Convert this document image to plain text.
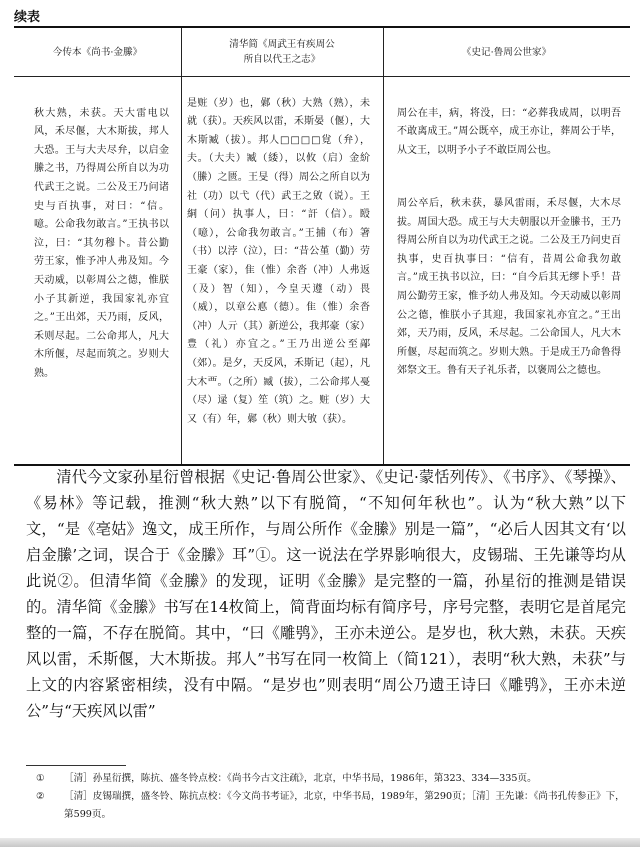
续表
今传本《尚书·金縢》
清华简《周武王有疾周公
所自以代王之志》
《史记·鲁周公世家》

秋大熟，未获。天大雷电以风，禾尽偃，大木斯拔，邦人大恐。王与大夫尽弁，以启金縢之书，乃得周公所自以为功代武王之说。二公及王乃问诸史与百执事，对曰：“信。噫。公命我勿敢言。”王执书以泣，曰：“其勿穆卜。昔公勤劳王家，惟予冲人弗及知。今天动威，以彰周公之德，惟朕小子其新逆，我国家礼亦宜之。”王出郊，天乃雨，反风，禾则尽起。二公命邦人，凡大木所偃，尽起而筑之。岁则大熟。

是赃（岁）也，鄵（秋）大熟（熟），未就（获）。天疾风以雷，禾斯晏（偃），大木斯臧（拔）。邦人□□□□覍（弁），夫。（大夫）臧（緌），以攸（启）金紒（縢）之匮。王旻（得）周公之所自以为社（功）以弋（代）武王之敓（说）。王絧（问）执事人，曰：“訐（信）。殹（噫），公命我勿敢言。”王捕（布）箸（书）以浡（泣），曰：“昔公堇（勤）劳王豪（家），隹（惟）余沓（冲）人弗返（及）智（知），今皇天遵（动）畏（威），以章公悳（德）。隹（惟）余沓（冲）人亓（其）新逆公，我邦豪（家）豊（礼）亦宜之。”王乃出逆公至鄗（郊）。是夕，天反风，禾斯记（起），凡大木覀。（之所）臧（拔），二公命邦人戞（尽）逯（复）笙（筑）之。赃（岁）大又（有）年，鄵（秋）则大敂（获）。

周公在丰，病，将没，曰：“必葬我成周，以明吾不敢离成王。”周公既卒，成王亦让，葬周公于毕，从文王，以明予小子不敢臣周公也。

周公卒后，秋未获，暴风雷雨，禾尽偃，大木尽拔。周国大恐。成王与大夫朝服以开金縢书，王乃得周公所自以为功代武王之说。二公及王乃问史百执事，史百执事曰：“信有，昔周公命我勿敢言。”成王执书以泣，曰：“自今后其无缪卜乎！昔周公勤劳王家，惟予幼人弗及知。今天动威以彰周公之德，惟朕小子其迎，我国家礼亦宜之。”王出郊，天乃雨，反风，禾尽起。二公命国人，凡大木所偃，尽起而筑之。岁则大熟。于是成王乃命鲁得郊祭文王。鲁有天子礼乐者，以褒周公之德也。

清代今文家孙星衍曾根据《史记·鲁周公世家》、《史记·蒙恬列传》、《书序》、《琴操》、《易林》等记载，推测“秋大熟”以下有脱简，“不知何年秋也”。认为“秋大熟”以下文，“是《亳姑》逸文，成王所作，与周公所作《金縢》别是一篇”，“必后人因其文有‘以启金縢’之词，误合于《金縢》耳”①。这一说法在学界影响很大，皮锡瑞、王先谦等均从此说②。但清华简《金縢》的发现，证明《金縢》是完整的一篇，孙星衍的推测是错误的。清华简《金縢》书写在14枚简上，简背面均标有简序号，序号完整，表明它是首尾完整的一篇，不存在脱简。其中，“曰《雕鸮》，王亦未逆公。是岁也，秋大熟，未获。天疾风以雷，禾斯偃，大木斯拔。邦人”书写在同一枚简上（简121），表明“秋大熟，未获”与上文的内容紧密相续，没有中隔。“是岁也”则表明“周公乃遗王诗曰《雕鸮》，王亦未逆公”与“天疾风以雷”

① ［清］孙星衍撰，陈抗、盛冬铃点校：《尚书今古文注疏》，北京，中华书局，1986年，第323、334—335页。

② ［清］皮锡瑞撰，盛冬铃、陈抗点校：《今文尚书考证》，北京，中华书局，1989年，第290页；［清］王先谦：《尚书孔传参正》下，第599页。
